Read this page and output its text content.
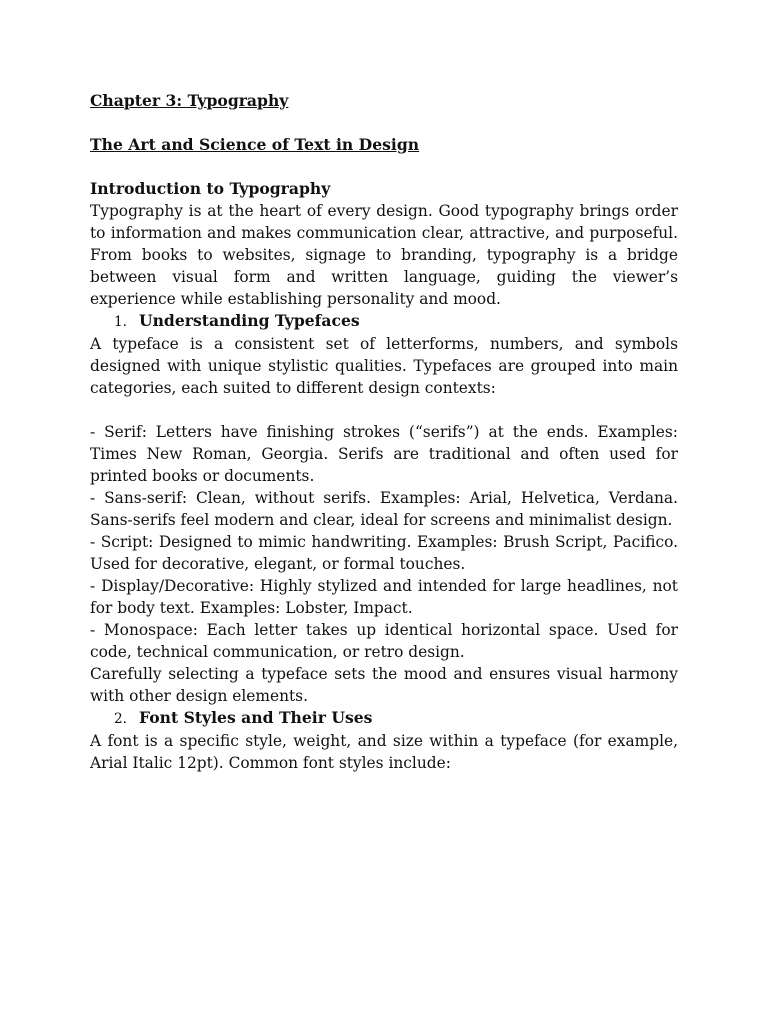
Chapter 3: Typography

The Art and Science of Text in Design

Introduction to Typography

Typography is at the heart of every design. Good typography brings order to information and makes communication clear, attractive, and purposeful. From books to websites, signage to branding, typography is a bridge between visual form and written language, guiding the viewer’s experience while establishing personality and mood.

1. Understanding Typefaces

A typeface is a consistent set of letterforms, numbers, and symbols designed with unique stylistic qualities. Typefaces are grouped into main categories, each suited to different design contexts:

- Serif: Letters have finishing strokes (“serifs”) at the ends. Examples: Times New Roman, Georgia. Serifs are traditional and often used for printed books or documents.

- Sans-serif: Clean, without serifs. Examples: Arial, Helvetica, Verdana. Sans-serifs feel modern and clear, ideal for screens and minimalist design.

- Script: Designed to mimic handwriting. Examples: Brush Script, Pacifico. Used for decorative, elegant, or formal touches.

- Display/Decorative: Highly stylized and intended for large headlines, not for body text. Examples: Lobster, Impact.

- Monospace: Each letter takes up identical horizontal space. Used for code, technical communication, or retro design.

Carefully selecting a typeface sets the mood and ensures visual harmony with other design elements.

2. Font Styles and Their Uses

A font is a specific style, weight, and size within a typeface (for example, Arial Italic 12pt). Common font styles include:
